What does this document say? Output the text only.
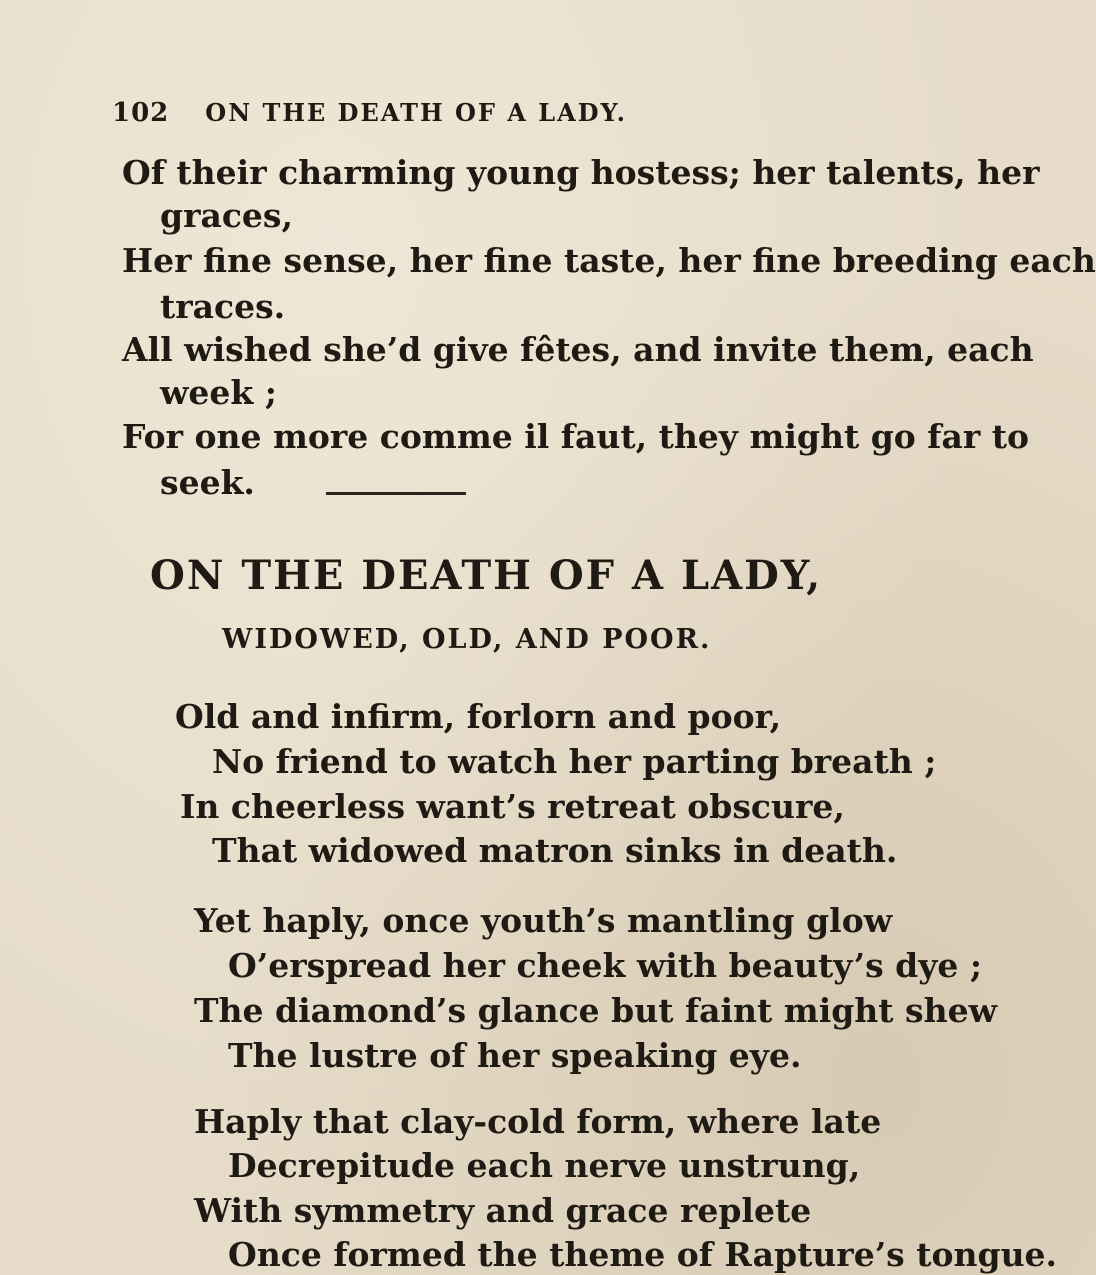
102 ON THE DEATH OF A LADY.
Of their charming young hostess; her talents, her
graces,
Her fine sense, her fine taste, her fine breeding each
traces.
All wished she’d give fêtes, and invite them, each
week ;
For one more comme il faut, they might go far to
seek.
ON THE DEATH OF A LADY,
WIDOWED, OLD, AND POOR.
Old and infirm, forlorn and poor,
No friend to watch her parting breath ;
In cheerless want’s retreat obscure,
That widowed matron sinks in death.
Yet haply, once youth’s mantling glow
O’erspread her cheek with beauty’s dye ;
The diamond’s glance but faint might shew
The lustre of her speaking eye.
Haply that clay-cold form, where late
Decrepitude each nerve unstrung,
With symmetry and grace replete
Once formed the theme of Rapture’s tongue.
